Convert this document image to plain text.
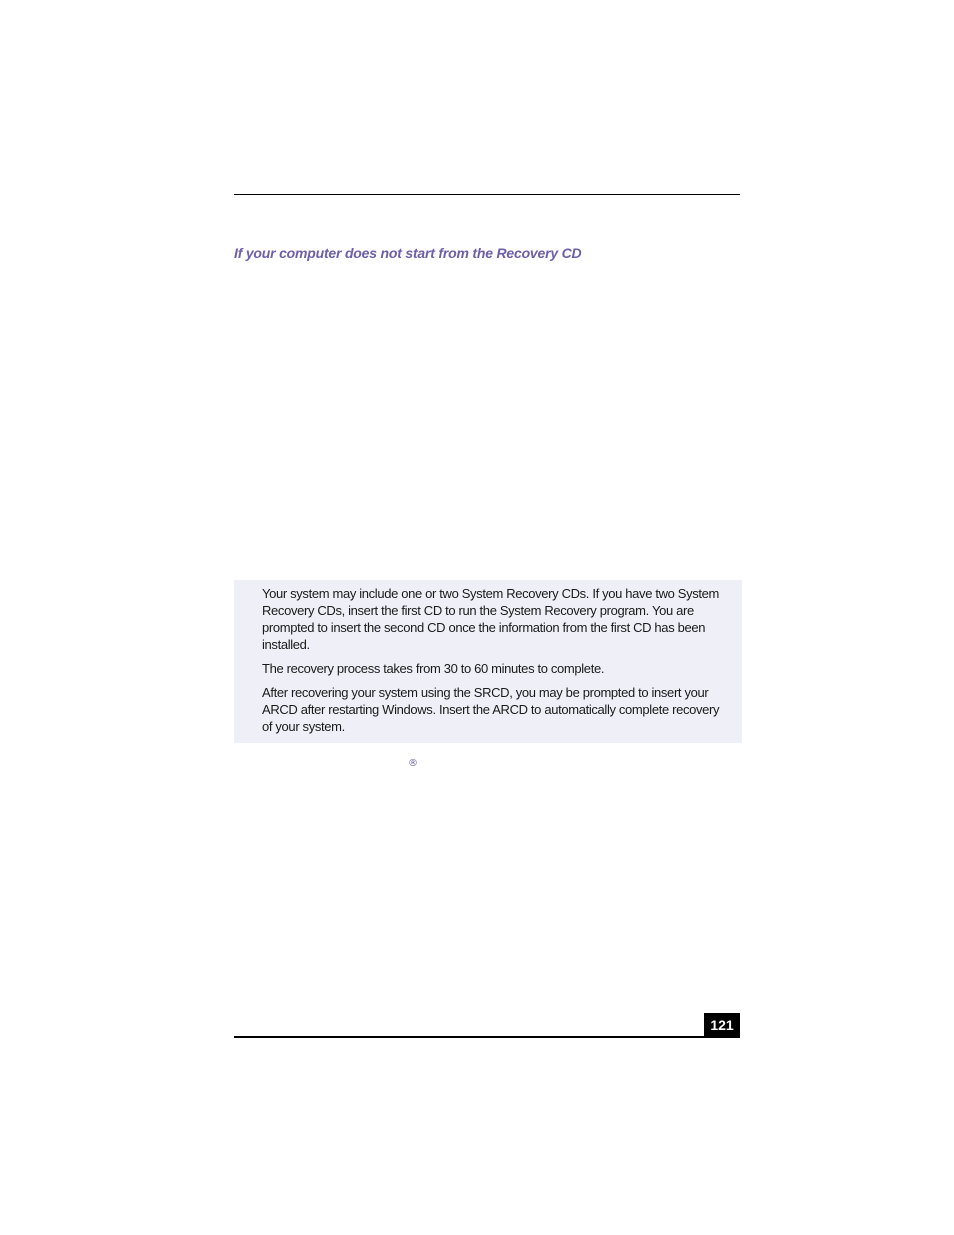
If your computer does not start from the Recovery CD

Your system may include one or two System Recovery CDs. If you have two System Recovery CDs, insert the first CD to run the System Recovery program. You are prompted to insert the second CD once the information from the first CD has been installed.

The recovery process takes from 30 to 60 minutes to complete.

After recovering your system using the SRCD, you may be prompted to insert your ARCD after restarting Windows. Insert the ARCD to automatically complete recovery of your system.

®
121
